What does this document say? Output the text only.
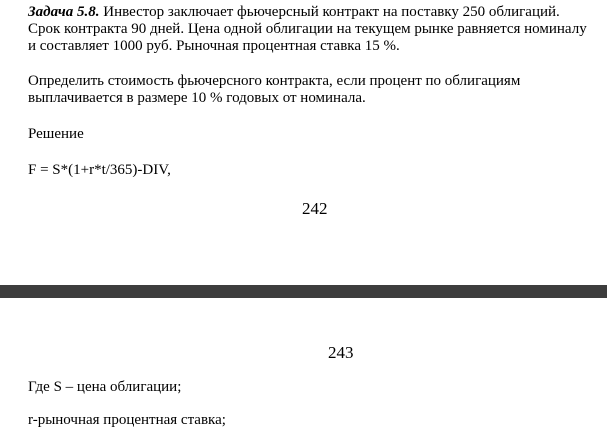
Задача 5.8. Инвестор заключает фьючерсный контракт на поставку 250 облигаций. Срок контракта 90 дней. Цена одной облигации на текущем рынке равняется номиналу и составляет 1000 руб. Рыночная процентная ставка 15 %.

Определить стоимость фьючерсного контракта, если процент по облигациям выплачивается в размере 10 % годовых от номинала.

Решение

F = S*(1+r*t/365)-DIV,

242
243

Где S – цена облигации;

r-рыночная процентная ставка;
